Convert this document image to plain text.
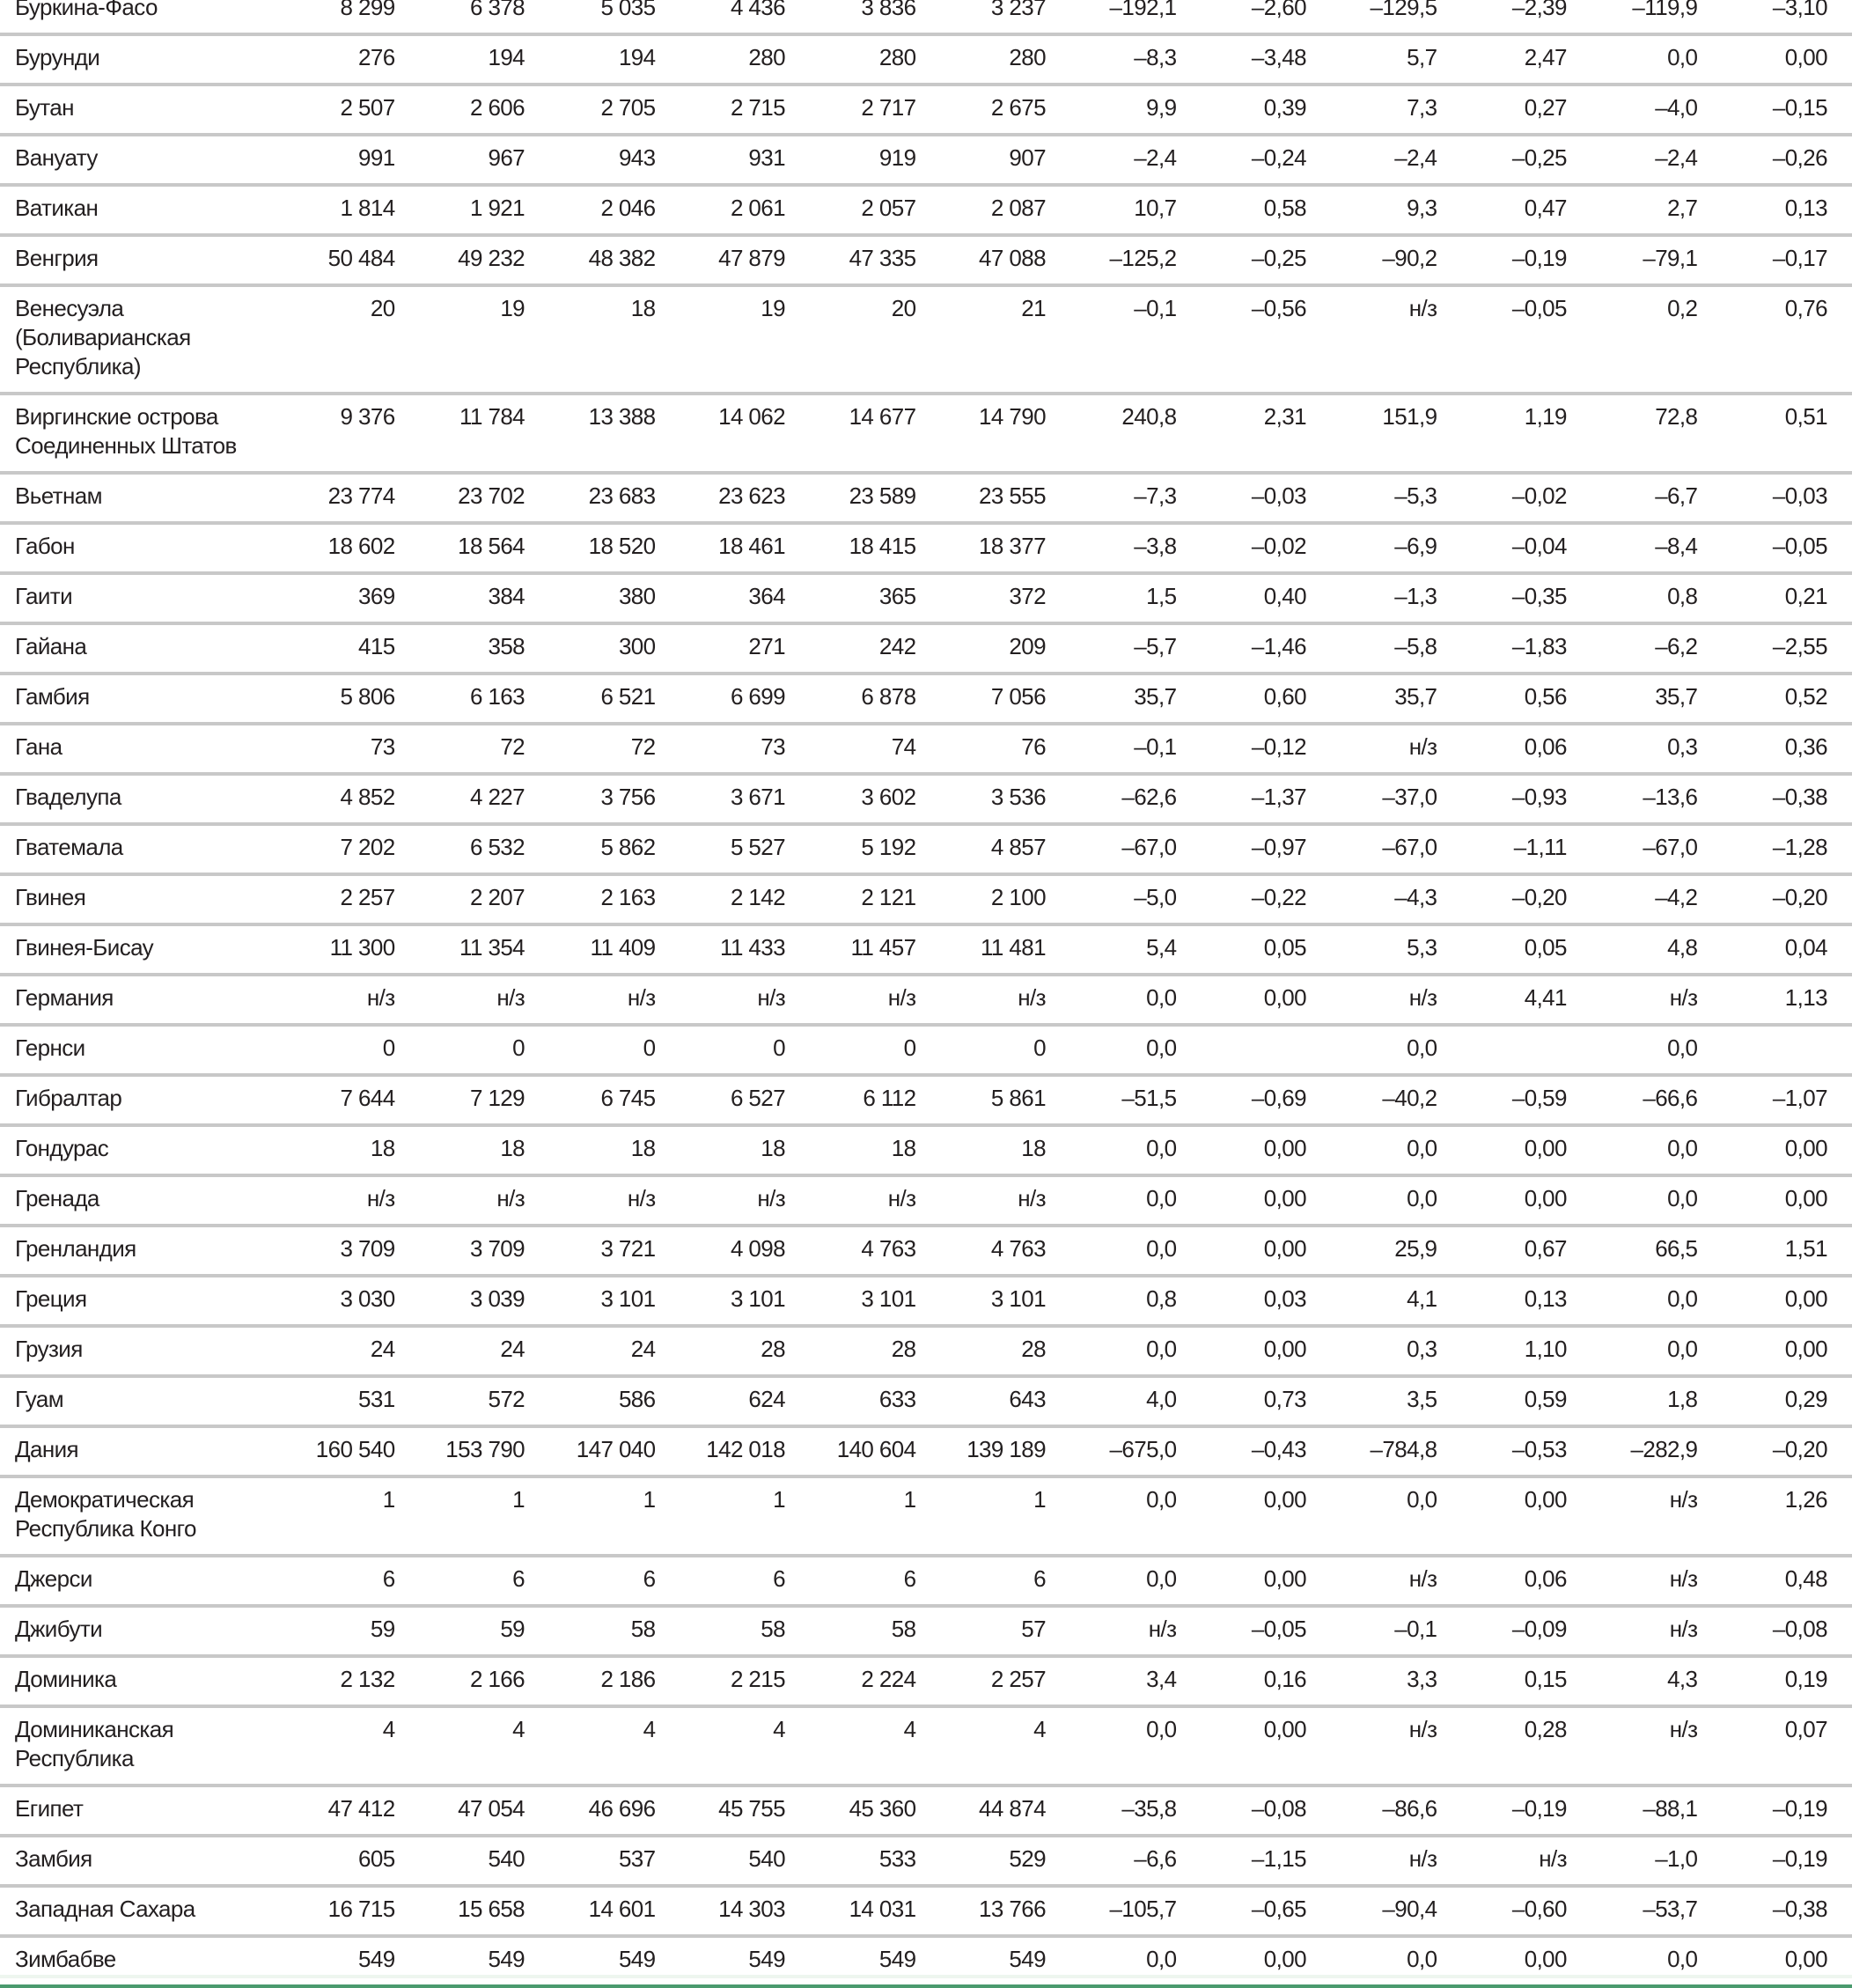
Буркина-Фасо	8 299	6 378	5 035	4 436	3 836	3 237	–192,1	–2,60	–129,5	–2,39	–119,9	–3,10
Бурунди	276	194	194	280	280	280	–8,3	–3,48	5,7	2,47	0,0	0,00
Бутан	2 507	2 606	2 705	2 715	2 717	2 675	9,9	0,39	7,3	0,27	–4,0	–0,15
Вануату	991	967	943	931	919	907	–2,4	–0,24	–2,4	–0,25	–2,4	–0,26
Ватикан	1 814	1 921	2 046	2 061	2 057	2 087	10,7	0,58	9,3	0,47	2,7	0,13
Венгрия	50 484	49 232	48 382	47 879	47 335	47 088	–125,2	–0,25	–90,2	–0,19	–79,1	–0,17
Венесуэла (Боливарианская Республика)	20	19	18	19	20	21	–0,1	–0,56	н/з	–0,05	0,2	0,76
Виргинские острова Соединенных Штатов	9 376	11 784	13 388	14 062	14 677	14 790	240,8	2,31	151,9	1,19	72,8	0,51
Вьетнам	23 774	23 702	23 683	23 623	23 589	23 555	–7,3	–0,03	–5,3	–0,02	–6,7	–0,03
Габон	18 602	18 564	18 520	18 461	18 415	18 377	–3,8	–0,02	–6,9	–0,04	–8,4	–0,05
Гаити	369	384	380	364	365	372	1,5	0,40	–1,3	–0,35	0,8	0,21
Гайана	415	358	300	271	242	209	–5,7	–1,46	–5,8	–1,83	–6,2	–2,55
Гамбия	5 806	6 163	6 521	6 699	6 878	7 056	35,7	0,60	35,7	0,56	35,7	0,52
Гана	73	72	72	73	74	76	–0,1	–0,12	н/з	0,06	0,3	0,36
Гваделупа	4 852	4 227	3 756	3 671	3 602	3 536	–62,6	–1,37	–37,0	–0,93	–13,6	–0,38
Гватемала	7 202	6 532	5 862	5 527	5 192	4 857	–67,0	–0,97	–67,0	–1,11	–67,0	–1,28
Гвинея	2 257	2 207	2 163	2 142	2 121	2 100	–5,0	–0,22	–4,3	–0,20	–4,2	–0,20
Гвинея-Бисау	11 300	11 354	11 409	11 433	11 457	11 481	5,4	0,05	5,3	0,05	4,8	0,04
Германия	н/з	н/з	н/з	н/з	н/з	н/з	0,0	0,00	н/з	4,41	н/з	1,13
Гернси	0	0	0	0	0	0	0,0		0,0		0,0	
Гибралтар	7 644	7 129	6 745	6 527	6 112	5 861	–51,5	–0,69	–40,2	–0,59	–66,6	–1,07
Гондурас	18	18	18	18	18	18	0,0	0,00	0,0	0,00	0,0	0,00
Гренада	н/з	н/з	н/з	н/з	н/з	н/з	0,0	0,00	0,0	0,00	0,0	0,00
Гренландия	3 709	3 709	3 721	4 098	4 763	4 763	0,0	0,00	25,9	0,67	66,5	1,51
Греция	3 030	3 039	3 101	3 101	3 101	3 101	0,8	0,03	4,1	0,13	0,0	0,00
Грузия	24	24	24	28	28	28	0,0	0,00	0,3	1,10	0,0	0,00
Гуам	531	572	586	624	633	643	4,0	0,73	3,5	0,59	1,8	0,29
Дания	160 540	153 790	147 040	142 018	140 604	139 189	–675,0	–0,43	–784,8	–0,53	–282,9	–0,20
Демократическая Республика Конго	1	1	1	1	1	1	0,0	0,00	0,0	0,00	н/з	1,26
Джерси	6	6	6	6	6	6	0,0	0,00	н/з	0,06	н/з	0,48
Джибути	59	59	58	58	58	57	н/з	–0,05	–0,1	–0,09	н/з	–0,08
Доминика	2 132	2 166	2 186	2 215	2 224	2 257	3,4	0,16	3,3	0,15	4,3	0,19
Доминиканская Республика	4	4	4	4	4	4	0,0	0,00	н/з	0,28	н/з	0,07
Египет	47 412	47 054	46 696	45 755	45 360	44 874	–35,8	–0,08	–86,6	–0,19	–88,1	–0,19
Замбия	605	540	537	540	533	529	–6,6	–1,15	н/з	н/з	–1,0	–0,19
Западная Сахара	16 715	15 658	14 601	14 303	14 031	13 766	–105,7	–0,65	–90,4	–0,60	–53,7	–0,38
Зимбабве	549	549	549	549	549	549	0,0	0,00	0,0	0,00	0,0	0,00
